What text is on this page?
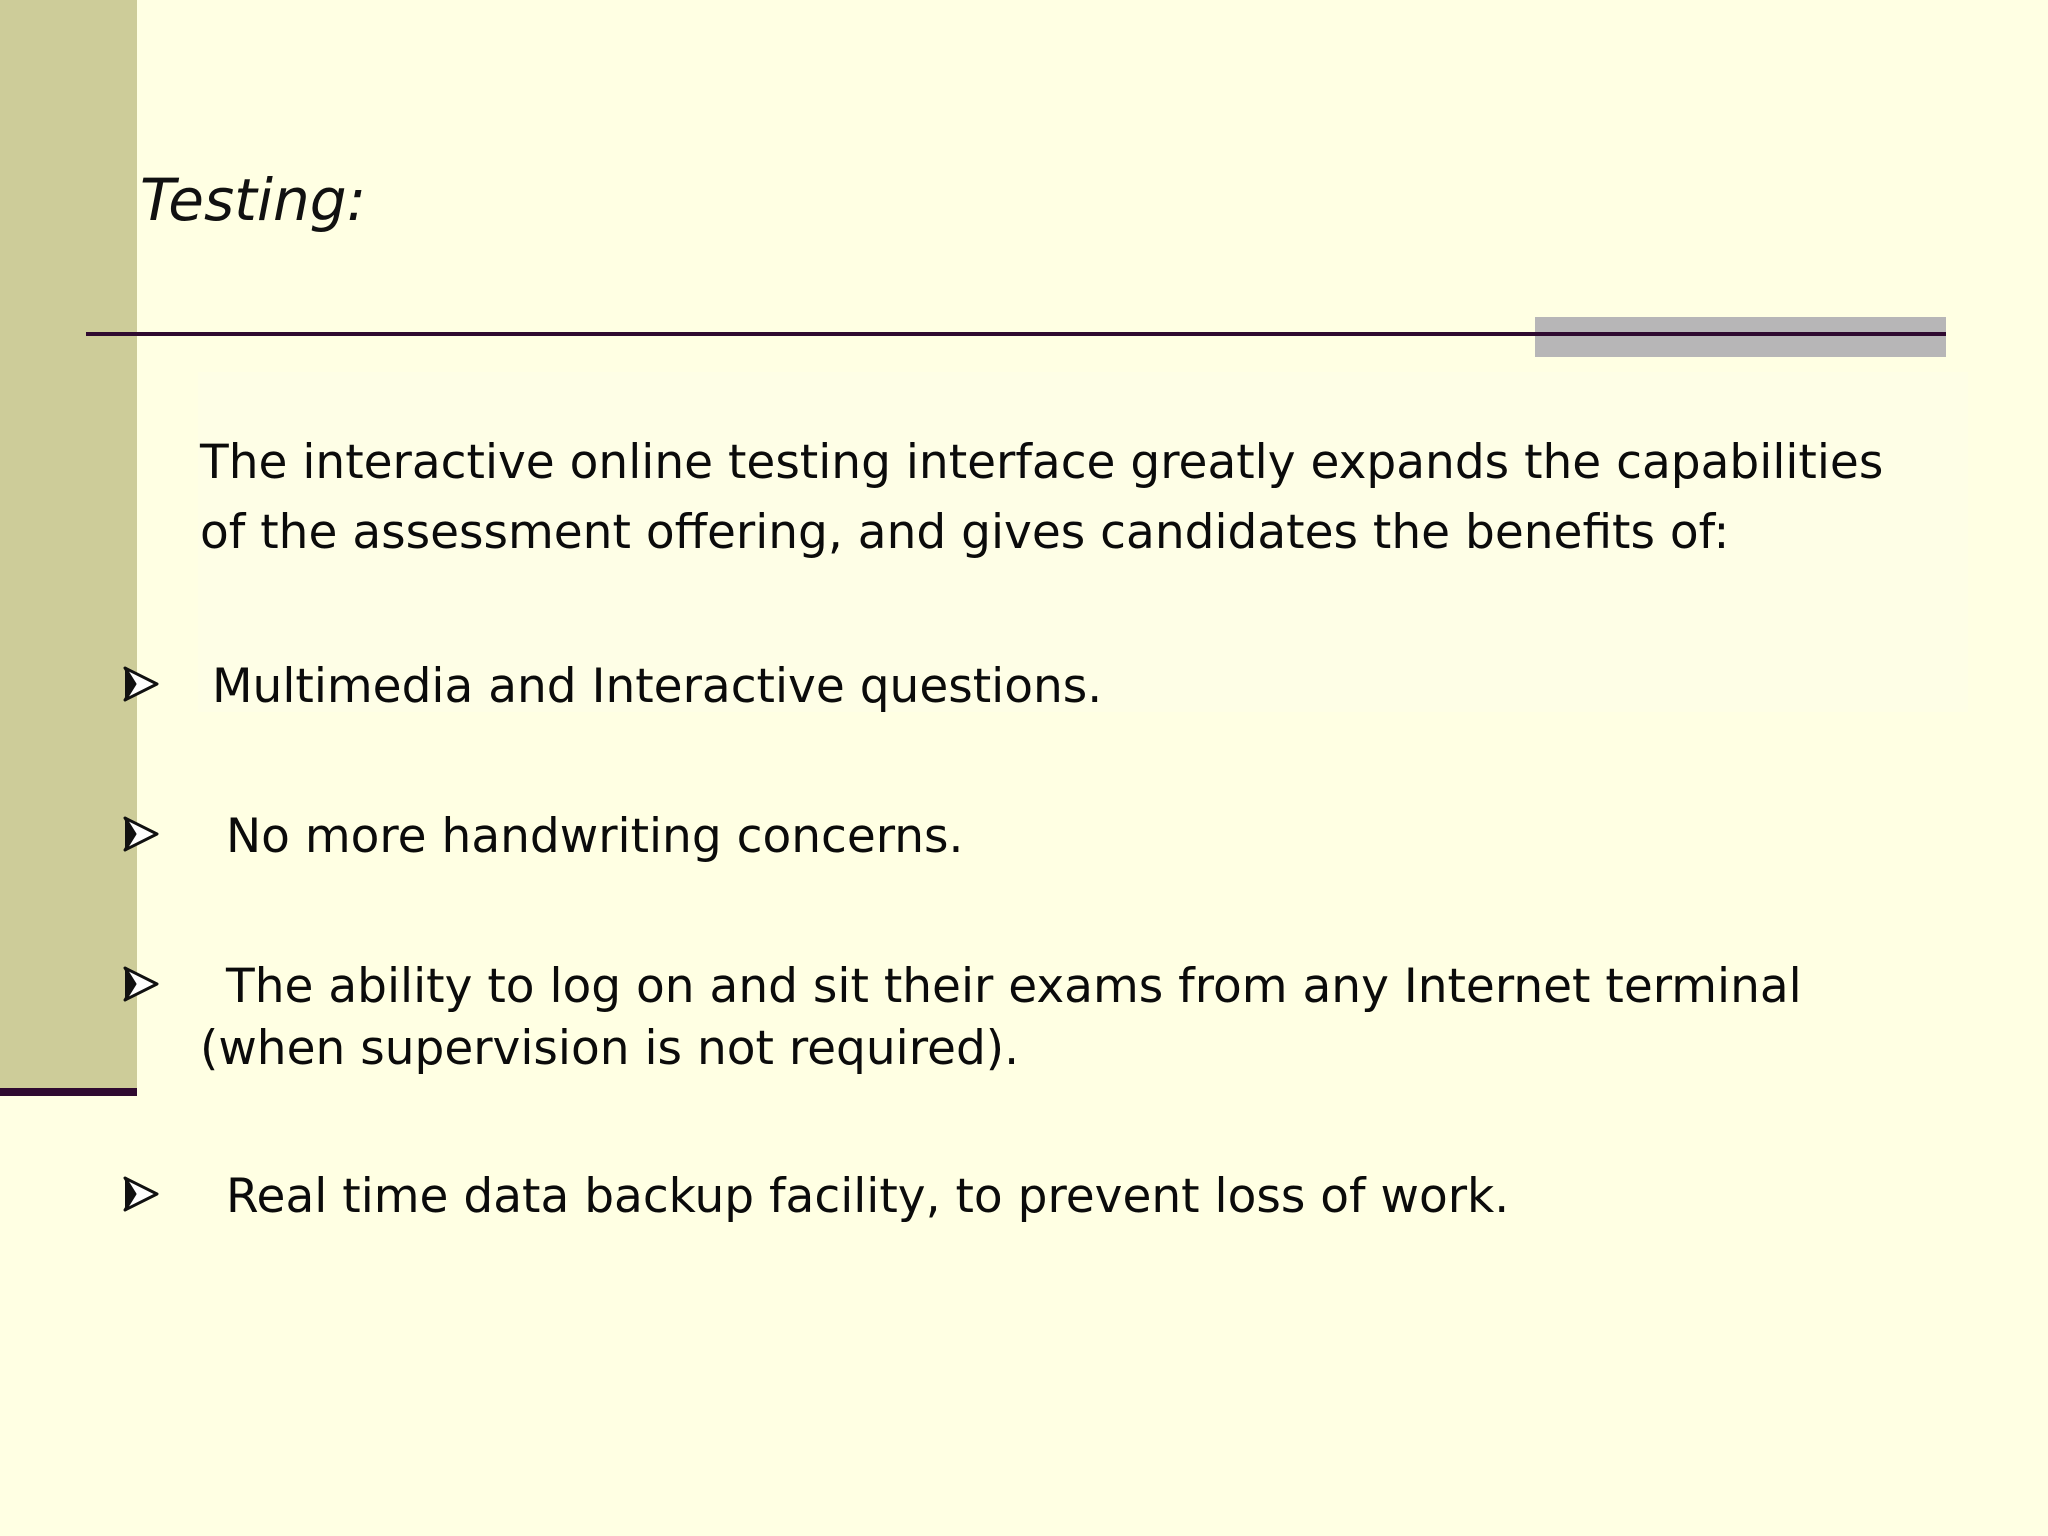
Testing:

The interactive online testing interface greatly expands the capabilities of the assessment offering, and gives candidates the benefits of:

Multimedia and Interactive questions.
No more handwriting concerns.
The ability to log on and sit their exams from any Internet terminal (when supervision is not required).
Real time data backup facility, to prevent loss of work.
